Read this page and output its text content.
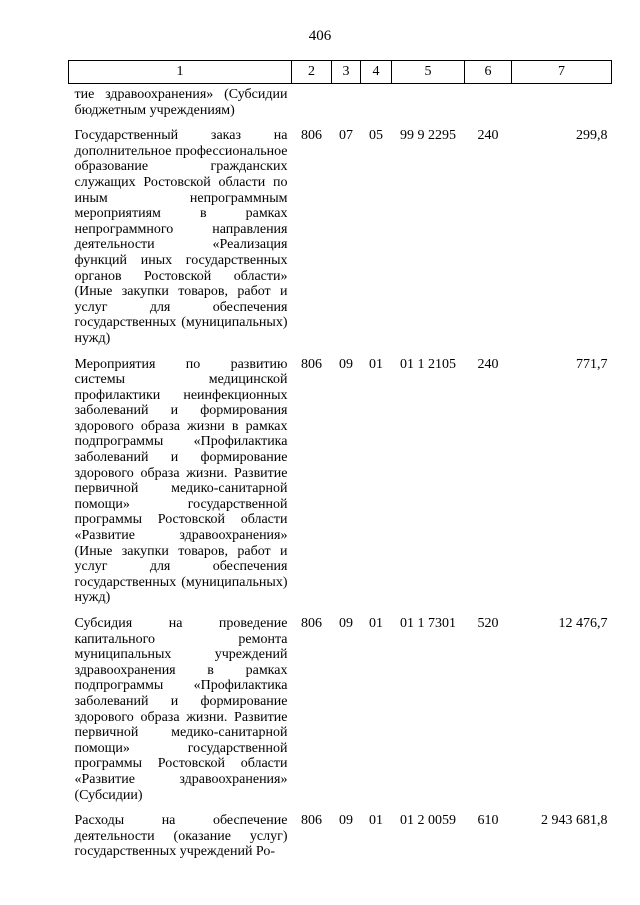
406
1	2	3	4	5	6	7
тие здравоохранения» (Субсидии бюджетным учреждениям)						
Государственный заказ на дополнительное профессиональное образование гражданских служащих Ростовской области по иным непрограммным мероприятиям в рамках непрограммного направления деятельности «Реализация функций иных государственных органов Ростовской области» (Иные закупки товаров, работ и услуг для обеспечения государственных (муниципальных) нужд)	806	07	05	99 9 2295	240	299,8
Мероприятия по развитию системы медицинской профилактики неинфекционных заболеваний и формирования здорового образа жизни в рамках подпрограммы «Профилактика заболеваний и формирование здорового образа жизни. Развитие первичной медико-санитарной помощи» государственной программы Ростовской области «Развитие здравоохранения» (Иные закупки товаров, работ и услуг для обеспечения государственных (муниципальных) нужд)	806	09	01	01 1 2105	240	771,7
Субсидия на проведение капитального ремонта муниципальных учреждений здравоохранения в рамках подпрограммы «Профилактика заболеваний и формирование здорового образа жизни. Развитие первичной медико-санитарной помощи» государственной программы Ростовской области «Развитие здравоохранения» (Субсидии)	806	09	01	01 1 7301	520	12 476,7
Расходы на обеспечение деятельности (оказание услуг) государственных учреждений Ро-	806	09	01	01 2 0059	610	2 943 681,8
